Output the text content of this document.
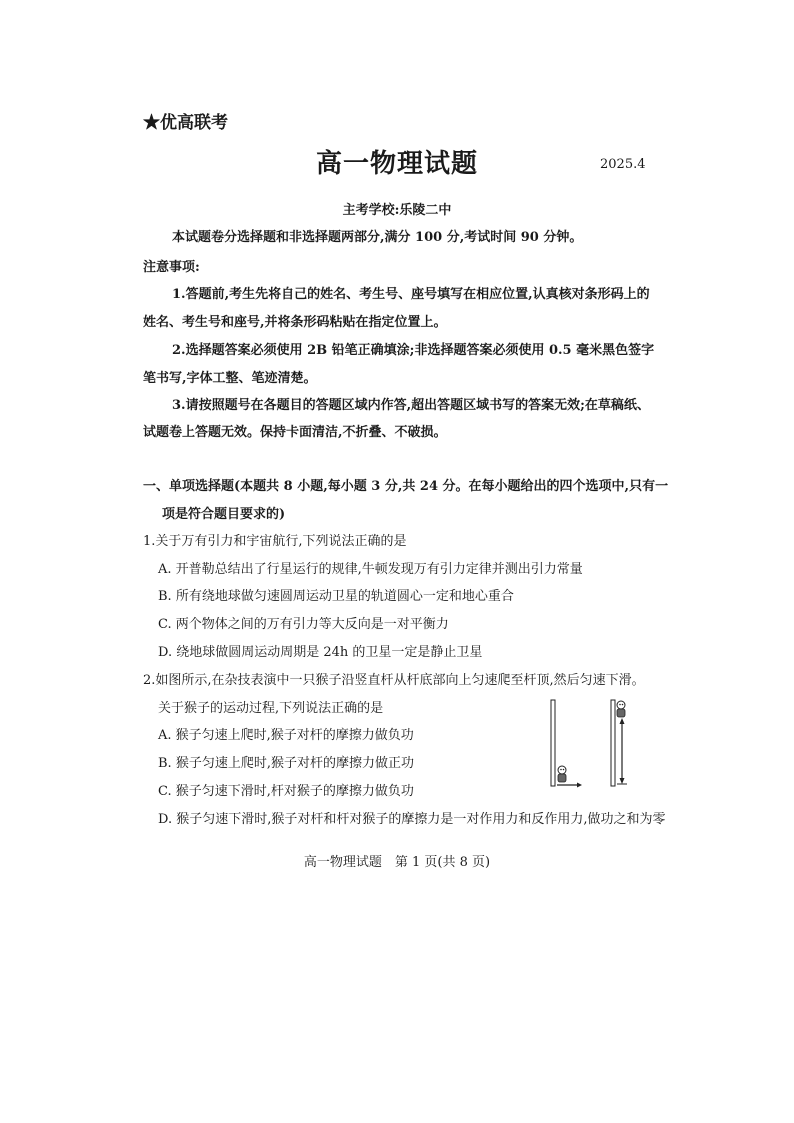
★优高联考
高一物理试题	2025.4
主考学校:乐陵二中
本试题卷分选择题和非选择题两部分,满分 100 分,考试时间 90 分钟。
注意事项:
1.答题前,考生先将自己的姓名、考生号、座号填写在相应位置,认真核对条形码上的
姓名、考生号和座号,并将条形码粘贴在指定位置上。
2.选择题答案必须使用 2B 铅笔正确填涂;非选择题答案必须使用 0.5 毫米黑色签字
笔书写,字体工整、笔迹清楚。
3.请按照题号在各题目的答题区域内作答,超出答题区域书写的答案无效;在草稿纸、
试题卷上答题无效。保持卡面清洁,不折叠、不破损。
一、单项选择题(本题共 8 小题,每小题 3 分,共 24 分。在每小题给出的四个选项中,只有一
项是符合题目要求的)
1.关于万有引力和宇宙航行,下列说法正确的是
A. 开普勒总结出了行星运行的规律,牛顿发现万有引力定律并测出引力常量
B. 所有绕地球做匀速圆周运动卫星的轨道圆心一定和地心重合
C. 两个物体之间的万有引力等大反向是一对平衡力
D. 绕地球做圆周运动周期是 24h 的卫星一定是静止卫星
2.如图所示,在杂技表演中一只猴子沿竖直杆从杆底部向上匀速爬至杆顶,然后匀速下滑。
关于猴子的运动过程,下列说法正确的是
A. 猴子匀速上爬时,猴子对杆的摩擦力做负功
B. 猴子匀速上爬时,猴子对杆的摩擦力做正功
C. 猴子匀速下滑时,杆对猴子的摩擦力做负功
D. 猴子匀速下滑时,猴子对杆和杆对猴子的摩擦力是一对作用力和反作用力,做功之和为零
高一物理试题　第 1 页(共 8 页)
